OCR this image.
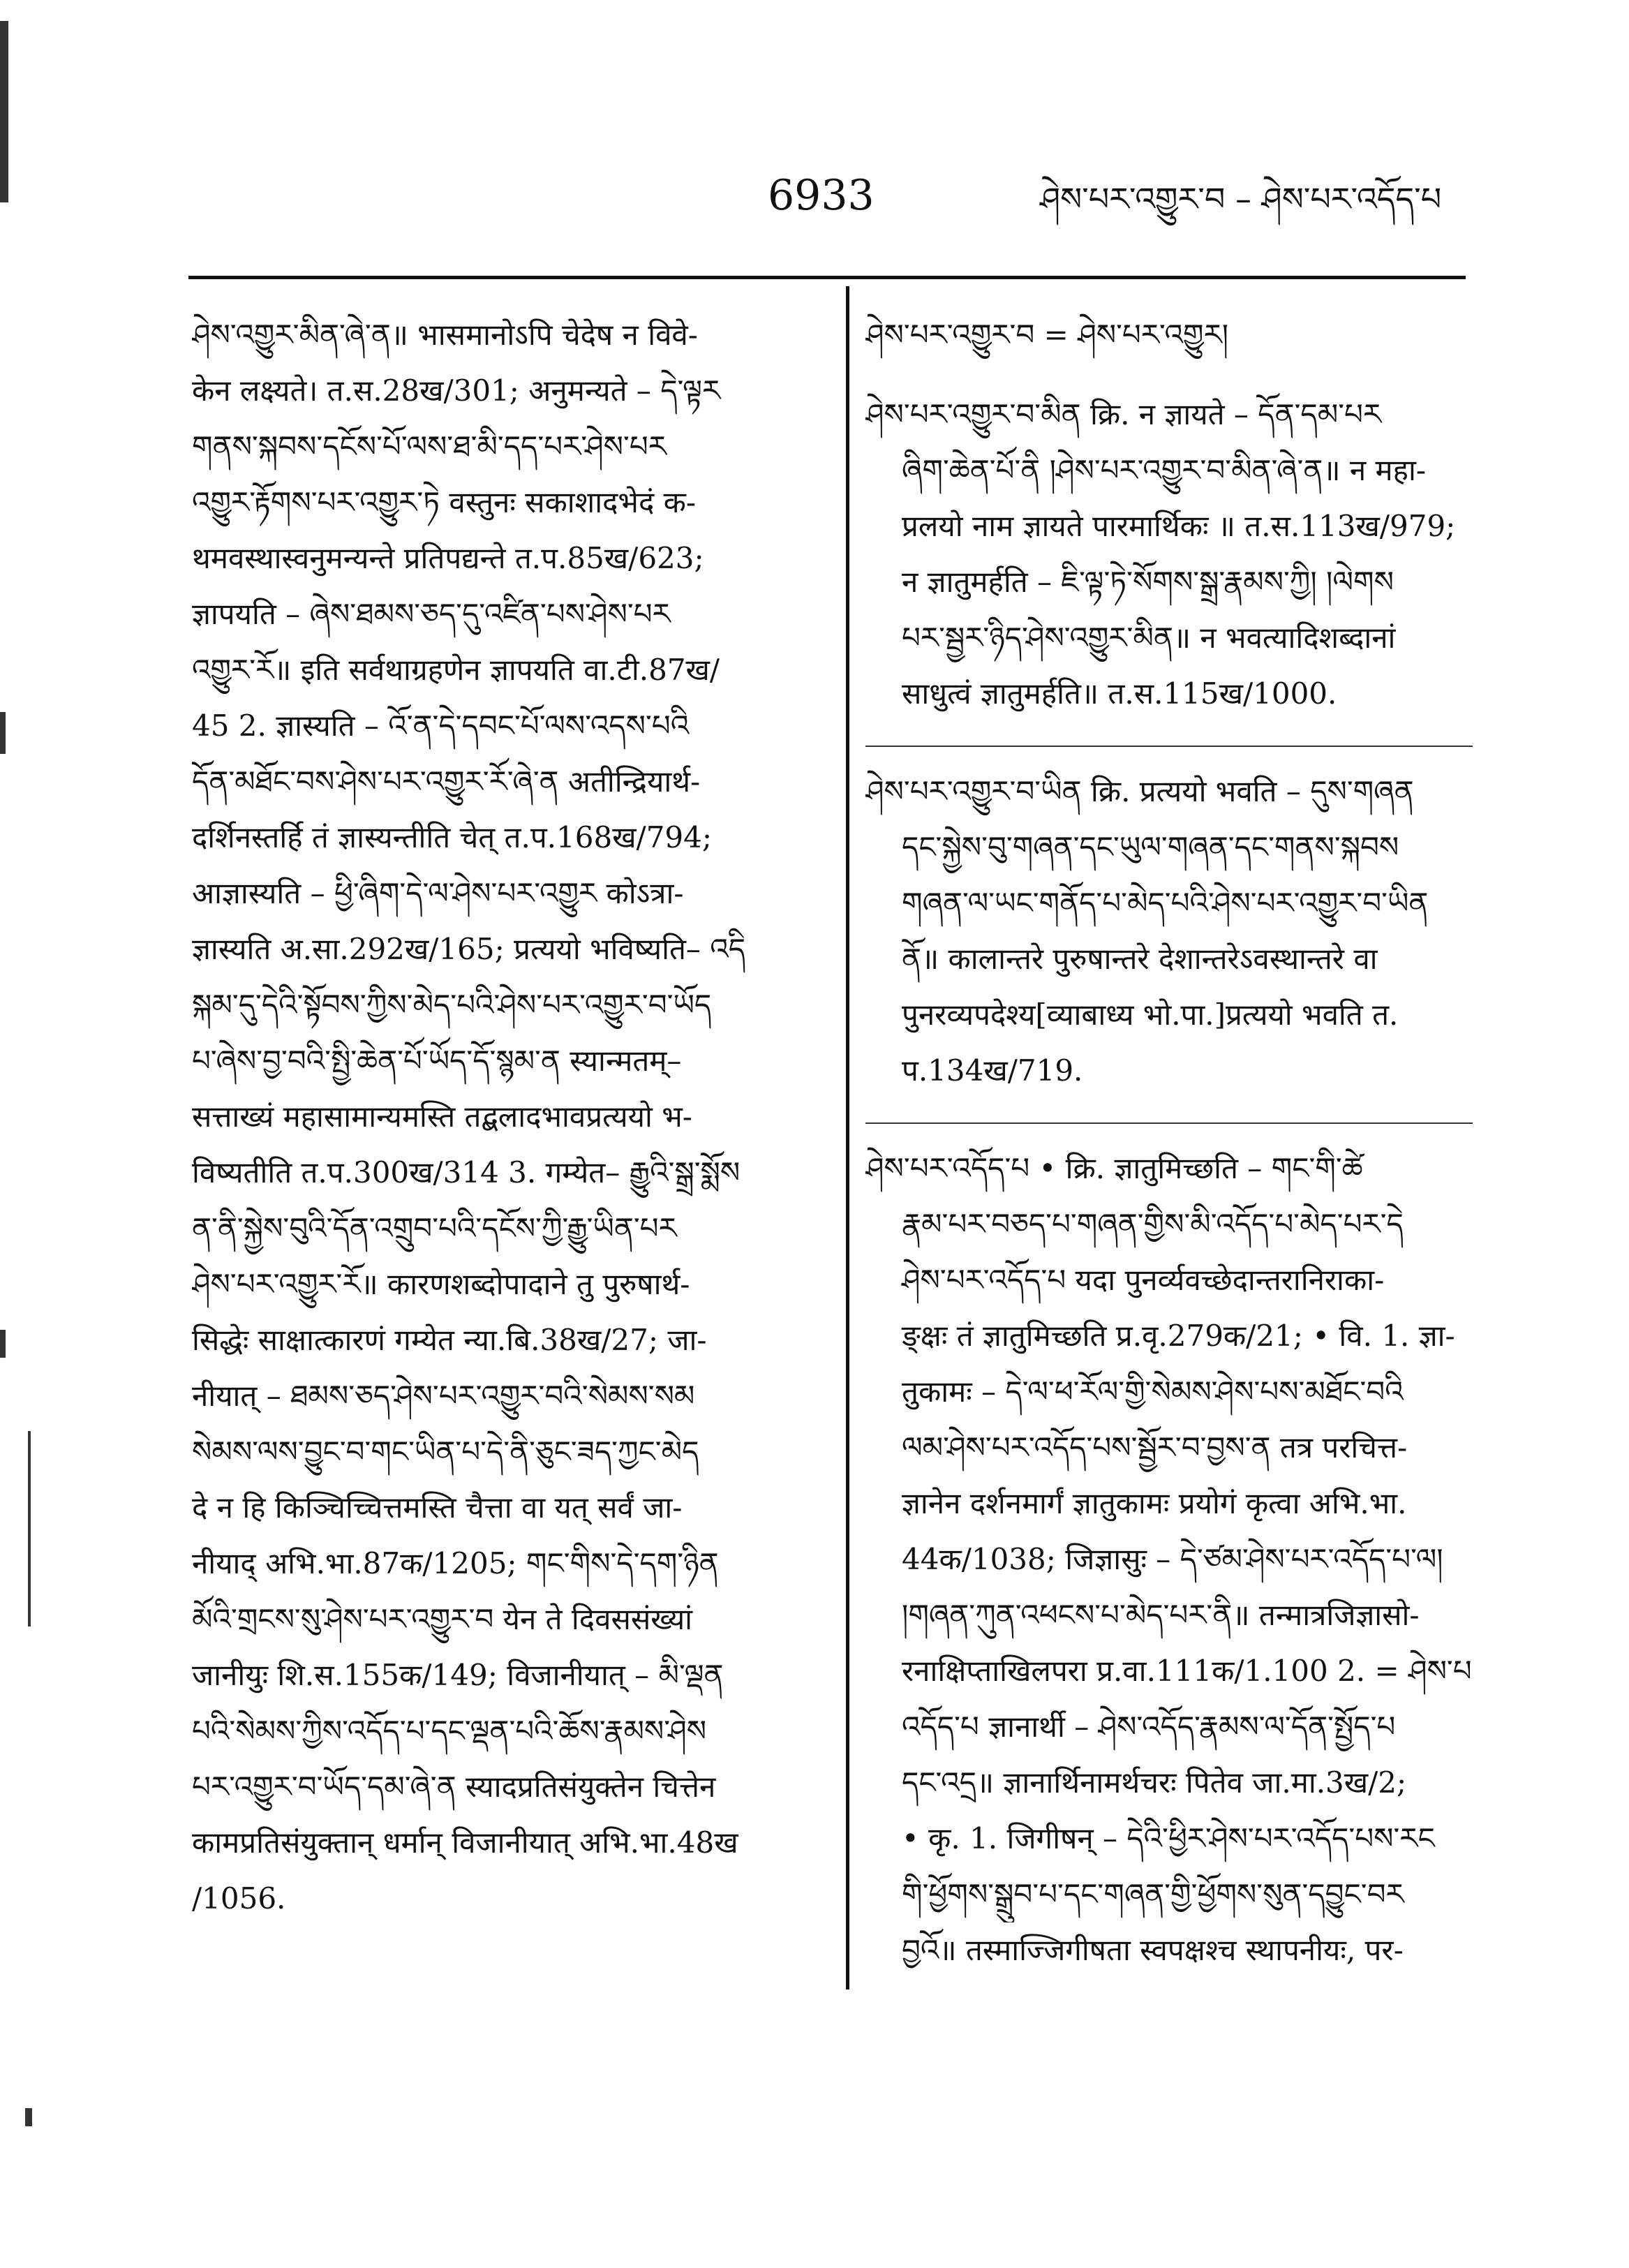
6933	ཤེས་པར་འགྱུར་བ – ཤེས་པར་འདོད་པ
ཤེས་འགྱུར་མིན་ཞེ་ན॥ भासमानोऽपि चेदेष न विवे-
केन लक्ष्यते। त.स.28ख/301; अनुमन्यते – དེ་ལྟར
གནས་སྐབས་དངོས་པོ་ལས་ཐ་མི་དད་པར་ཤེས་པར
འགྱུར་རྟོགས་པར་འགྱུར་ཏེ वस्तुनः सकाशादभेदं क-
थमवस्थास्वनुमन्यन्ते प्रतिपद्यन्ते त.प.85ख/623;
ज्ञापयति – ཞེས་ཐམས་ཅད་དུ་འཛིན་པས་ཤེས་པར
འགྱུར་རོ॥ इति सर्वथाग्रहणेन ज्ञापयति वा.टी.87ख/
45 2. ज्ञास्यति – འོ་ན་དེ་དབང་པོ་ལས་འདས་པའི
དོན་མཐོང་བས་ཤེས་པར་འགྱུར་རོ་ཞེ་ན अतीन्द्रियार्थ-
दर्शिनस्तर्हि तं ज्ञास्यन्तीति चेत् त.प.168ख/794;
आज्ञास्यति – ཕྱི་ཞིག་དེ་ལ་ཤེས་པར་འགྱུར कोऽत्रा-
ज्ञास्यति अ.सा.292ख/165; प्रत्ययो भविष्यति– འདི
སྐམ་དུ་དེའི་སྟོབས་ཀྱིས་མེད་པའི་ཤེས་པར་འགྱུར་བ་ཡོད
པ་ཞེས་བྱ་བའི་སྤྱི་ཆེན་པོ་ཡོད་དོ་སྙམ་ན स्यान्मतम्–
सत्ताख्यं महासामान्यमस्ति तद्बलादभावप्रत्ययो भ-
विष्यतीति त.प.300ख/314 3. गम्येत– རྒྱུའི་སྒྲ་སྨོས
ན་ནི་སྐྱེས་བུའི་དོན་འགྲུབ་པའི་དངོས་ཀྱི་རྒྱུ་ཡིན་པར
ཤེས་པར་འགྱུར་རོ॥ कारणशब्दोपादाने तु पुरुषार्थ-
सिद्धेः साक्षात्कारणं गम्येत न्या.बि.38ख/27; जा-
नीयात् – ཐམས་ཅད་ཤེས་པར་འགྱུར་བའི་སེམས་སམ
སེམས་ལས་བྱུང་བ་གང་ཡིན་པ་དེ་ནི་ཅུང་ཟད་ཀྱང་མེད
दे न हि किञ्चिच्चित्तमस्ति चैत्ता वा यत् सर्वं जा-
नीयाद् अभि.भा.87क/1205; གང་གིས་དེ་དག་ཉིན
མོའི་གྲངས་སུ་ཤེས་པར་འགྱུར་བ येन ते दिवससंख्यां
जानीयुः शि.स.155क/149; विजानीयात् – མི་ལྡན
པའི་སེམས་ཀྱིས་འདོད་པ་དང་ལྡན་པའི་ཆོས་རྣམས་ཤེས
པར་འགྱུར་བ་ཡོད་དམ་ཞེ་ན स्यादप्रतिसंयुक्तेन चित्तेन
कामप्रतिसंयुक्तान् धर्मान् विजानीयात् अभि.भा.48ख
/1056.
ཤེས་པར་འགྱུར་བ = ཤེས་པར་འགྱུར།
ཤེས་པར་འགྱུར་བ་མིན क्रि. न ज्ञायते – དོན་དམ་པར
ཞིག་ཆེན་པོ་ནི །ཤེས་པར་འགྱུར་བ་མིན་ཞེ་ན॥ न महा-
प्रलयो नाम ज्ञायते पारमार्थिकः ॥ त.स.113ख/979;
न ज्ञातुमर्हति – ཇི་ལྟ་ཏེ་སོགས་སྒྲ་རྣམས་ཀྱི། །ལེགས
པར་སྦྱར་ཉིད་ཤེས་འགྱུར་མིན॥ न भवत्यादिशब्दानां
साधुत्वं ज्ञातुमर्हति॥ त.स.115ख/1000.
ཤེས་པར་འགྱུར་བ་ཡིན क्रि. प्रत्ययो भवति – དུས་གཞན
དང་སྐྱེས་བུ་གཞན་དང་ཡུལ་གཞན་དང་གནས་སྐབས
གཞན་ལ་ཡང་གནོད་པ་མེད་པའི་ཤེས་པར་འགྱུར་བ་ཡིན
ནོ॥ कालान्तरे पुरुषान्तरे देशान्तरेऽवस्थान्तरे वा
पुनरव्यपदेश्य[व्याबाध्य भो.पा.]प्रत्ययो भवति त.
प.134ख/719.
ཤེས་པར་འདོད་པ • क्रि. ज्ञातुमिच्छति – གང་གི་ཚེ
རྣམ་པར་བཅད་པ་གཞན་གྱིས་མི་འདོད་པ་མེད་པར་དེ
ཤེས་པར་འདོད་པ यदा पुनर्व्यवच्छेदान्तरानिराका-
ङ्क्षः तं ज्ञातुमिच्छति प्र.वृ.279क/21; • वि. 1. ज्ञा-
तुकामः – དེ་ལ་ཕ་རོལ་གྱི་སེམས་ཤེས་པས་མཐོང་བའི
ལམ་ཤེས་པར་འདོད་པས་སྦྱོར་བ་བྱས་ན तत्र परचित्त-
ज्ञानेन दर्शनमार्गं ज्ञातुकामः प्रयोगं कृत्वा अभि.भा.
44क/1038; जिज्ञासुः – དེ་ཙམ་ཤེས་པར་འདོད་པ་ལ།
།གཞན་ཀུན་འཕངས་པ་མེད་པར་ནི॥ तन्मात्रजिज्ञासो-
रनाक्षिप्ताखिलपरा प्र.वा.111क/1.100 2. = ཤེས་པ
འདོད་པ ज्ञानार्थी – ཤེས་འདོད་རྣམས་ལ་དོན་སྤྱོད་པ
དང་འདྲ॥ ज्ञानार्थिनामर्थचरः पितेव जा.मा.3ख/2;
• कृ. 1. जिगीषन् – དེའི་ཕྱིར་ཤེས་པར་འདོད་པས་རང
གི་ཕྱོགས་སྒྲུབ་པ་དང་གཞན་གྱི་ཕྱོགས་སུན་དབྱུང་བར
བྱའོ॥ तस्माज्जिगीषता स्वपक्षश्च स्थापनीयः, पर-
